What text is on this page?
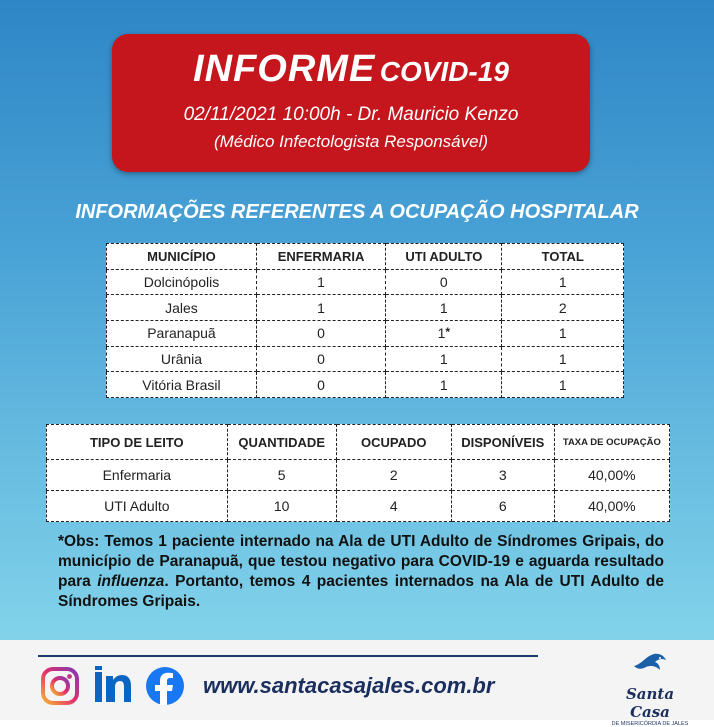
INFORME COVID-19
02/11/2021 10:00h - Dr. Mauricio Kenzo
(Médico Infectologista Responsável)
INFORMAÇÕES REFERENTES A OCUPAÇÃO HOSPITALAR
MUNICÍPIO	ENFERMARIA	UTI ADULTO	TOTAL
Dolcinópolis	1	0	1
Jales	1	1	2
Paranapuã	0	1*	1
Urânia	0	1	1
Vitória Brasil	0	1	1
TIPO DE LEITO	QUANTIDADE	OCUPADO	DISPONÍVEIS	TAXA DE OCUPAÇÃO
Enfermaria	5	2	3	40,00%
UTI Adulto	10	4	6	40,00%
*Obs: Temos 1 paciente internado na Ala de UTI Adulto de Síndromes Gripais, do município de Paranapuã, que testou negativo para COVID-19 e aguarda resultado para influenza. Portanto, temos 4 pacientes internados na Ala de UTI Adulto de Síndromes Gripais.
www.santacasajales.com.br	Santa Casa
DE MISERICÓRDIA DE JALES
